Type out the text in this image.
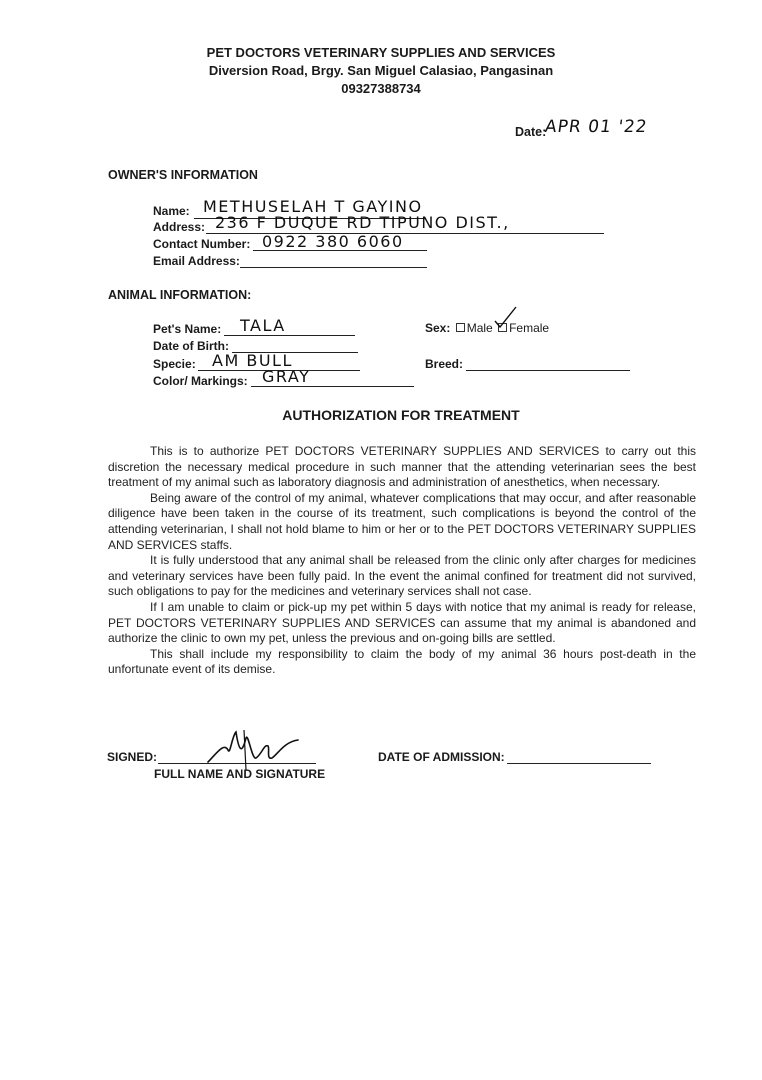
PET DOCTORS VETERINARY SUPPLIES AND SERVICES
Diversion Road, Brgy. San Miguel Calasiao, Pangasinan
09327388734
Date:
APR 01 '22
OWNER'S INFORMATION
Name: METHUSELAH T GAYINO
Address: 236 F DUQUE RD TIPUNO DIST.,
Contact Number: 0922 380 6060
Email Address:
ANIMAL INFORMATION:
Pet's Name: TALA
Date of Birth:
Specie: AM BULL
Color/ Markings: GRAY
Sex: Male Female
Breed:
AUTHORIZATION FOR TREATMENT

This is to authorize PET DOCTORS VETERINARY SUPPLIES AND SERVICES to carry out this discretion the necessary medical procedure in such manner that the attending veterinarian sees the best treatment of my animal such as laboratory diagnosis and administration of anesthetics, when necessary.

Being aware of the control of my animal, whatever complications that may occur, and after reasonable diligence have been taken in the course of its treatment, such complications is beyond the control of the attending veterinarian, I shall not hold blame to him or her or to the PET DOCTORS VETERINARY SUPPLIES AND SERVICES staffs.

It is fully understood that any animal shall be released from the clinic only after charges for medicines and veterinary services have been fully paid. In the event the animal confined for treatment did not survived, such obligations to pay for the medicines and veterinary services shall not case.

If I am unable to claim or pick-up my pet within 5 days with notice that my animal is ready for release, PET DOCTORS VETERINARY SUPPLIES AND SERVICES can assume that my animal is abandoned and authorize the clinic to own my pet, unless the previous and on-going bills are settled.

This shall include my responsibility to claim the body of my animal 36 hours post-death in the unfortunate event of its demise.

SIGNED:
FULL NAME AND SIGNATURE
DATE OF ADMISSION:
